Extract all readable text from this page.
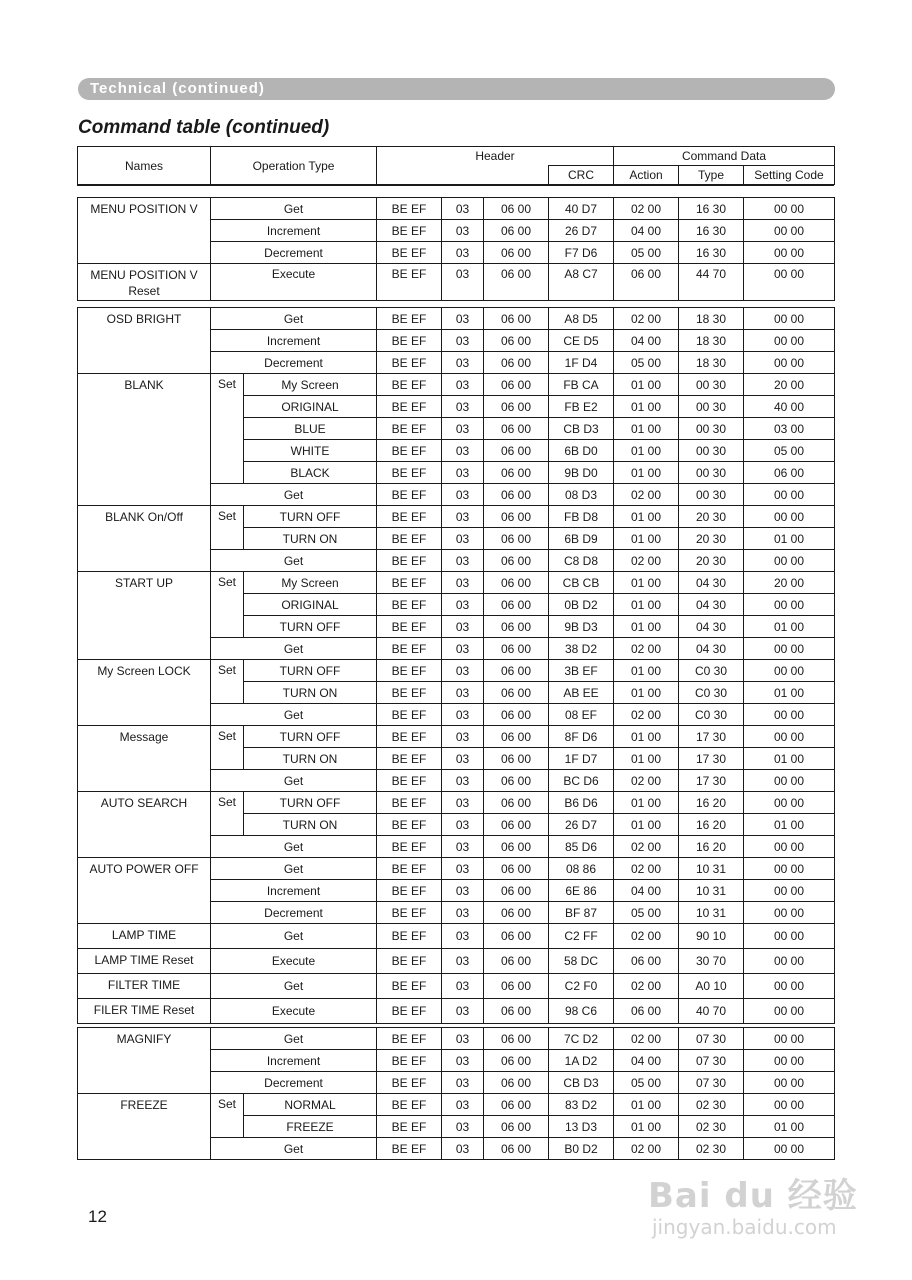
Technical (continued)
Command table (continued)
Names	Operation Type	Header		Command Data		
			CRC	Action	Type	Setting Code
MENU POSITION V	Get	BE EF	03	06 00	40 D7	02 00	16 30	00 00
	Increment	BE EF	03	06 00	26 D7	04 00	16 30	00 00
	Decrement	BE EF	03	06 00	F7 D6	05 00	16 30	00 00
MENU POSITION V Reset	Execute	BE EF	03	06 00	A8 C7	06 00	44 70	00 00
OSD BRIGHT	Get		BE EF	03	06 00	A8 D5	02 00	18 30	00 00
	Increment		BE EF	03	06 00	CE D5	04 00	18 30	00 00
	Decrement		BE EF	03	06 00	1F D4	05 00	18 30	00 00
BLANK	Set	My Screen	BE EF	03	06 00	FB CA	01 00	00 30	20 00
		ORIGINAL	BE EF	03	06 00	FB E2	01 00	00 30	40 00
		BLUE	BE EF	03	06 00	CB D3	01 00	00 30	03 00
		WHITE	BE EF	03	06 00	6B D0	01 00	00 30	05 00
		BLACK	BE EF	03	06 00	9B D0	01 00	00 30	06 00
	Get		BE EF	03	06 00	08 D3	02 00	00 30	00 00
BLANK On/Off	Set	TURN OFF	BE EF	03	06 00	FB D8	01 00	20 30	00 00
		TURN ON	BE EF	03	06 00	6B D9	01 00	20 30	01 00
	Get		BE EF	03	06 00	C8 D8	02 00	20 30	00 00
START UP	Set	My Screen	BE EF	03	06 00	CB CB	01 00	04 30	20 00
		ORIGINAL	BE EF	03	06 00	0B D2	01 00	04 30	00 00
		TURN OFF	BE EF	03	06 00	9B D3	01 00	04 30	01 00
	Get		BE EF	03	06 00	38 D2	02 00	04 30	00 00
My Screen LOCK	Set	TURN OFF	BE EF	03	06 00	3B EF	01 00	C0 30	00 00
		TURN ON	BE EF	03	06 00	AB EE	01 00	C0 30	01 00
	Get		BE EF	03	06 00	08 EF	02 00	C0 30	00 00
Message	Set	TURN OFF	BE EF	03	06 00	8F D6	01 00	17 30	00 00
		TURN ON	BE EF	03	06 00	1F D7	01 00	17 30	01 00
	Get		BE EF	03	06 00	BC D6	02 00	17 30	00 00
AUTO SEARCH	Set	TURN OFF	BE EF	03	06 00	B6 D6	01 00	16 20	00 00
		TURN ON	BE EF	03	06 00	26 D7	01 00	16 20	01 00
	Get		BE EF	03	06 00	85 D6	02 00	16 20	00 00
AUTO POWER OFF	Get		BE EF	03	06 00	08 86	02 00	10 31	00 00
	Increment		BE EF	03	06 00	6E 86	04 00	10 31	00 00
	Decrement		BE EF	03	06 00	BF 87	05 00	10 31	00 00
LAMP TIME	Get		BE EF	03	06 00	C2 FF	02 00	90 10	00 00
LAMP TIME Reset	Execute		BE EF	03	06 00	58 DC	06 00	30 70	00 00
FILTER TIME	Get		BE EF	03	06 00	C2 F0	02 00	A0 10	00 00
FILER TIME Reset	Execute		BE EF	03	06 00	98 C6	06 00	40 70	00 00
MAGNIFY	Get		BE EF	03	06 00	7C D2	02 00	07 30	00 00
	Increment		BE EF	03	06 00	1A D2	04 00	07 30	00 00
	Decrement		BE EF	03	06 00	CB D3	05 00	07 30	00 00
FREEZE	Set	NORMAL	BE EF	03	06 00	83 D2	01 00	02 30	00 00
		FREEZE	BE EF	03	06 00	13 D3	01 00	02 30	01 00
	Get		BE EF	03	06 00	B0 D2	02 00	02 30	00 00
12
Bai du 经验
jingyan.baidu.com
